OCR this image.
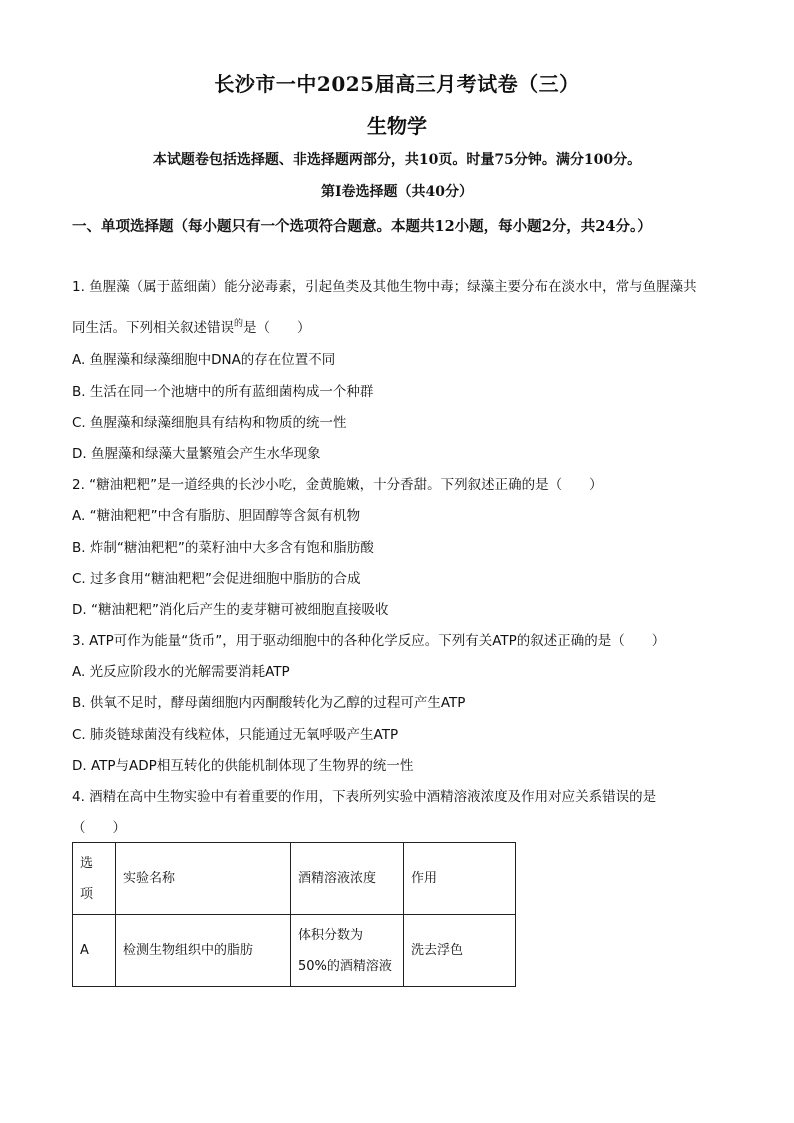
长沙市一中2025届高三月考试卷（三）
生物学
本试题卷包括选择题、非选择题两部分，共10页。时量75分钟。满分100分。
第I卷选择题（共40分）
一、单项选择题（每小题只有一个选项符合题意。本题共12小题，每小题2分，共24分。）
1. 鱼腥藻（属于蓝细菌）能分泌毒素，引起鱼类及其他生物中毒；绿藻主要分布在淡水中，常与鱼腥藻共
同生活。下列相关叙述错误$^的$是（　　）
A. 鱼腥藻和绿藻细胞中DNA的存在位置不同
B. 生活在同一个池塘中的所有蓝细菌构成一个种群
C. 鱼腥藻和绿藻细胞具有结构和物质的统一性
D. 鱼腥藻和绿藻大量繁殖会产生水华现象
2. “糖油粑粑”是一道经典的长沙小吃，金黄脆嫩，十分香甜。下列叙述正确的是（　　）
A. “糖油粑粑”中含有脂肪、胆固醇等含氮有机物
B. 炸制“糖油粑粑”的菜籽油中大多含有饱和脂肪酸
C. 过多食用“糖油粑粑”会促进细胞中脂肪的合成
D. “糖油粑粑”消化后产生的麦芽糖可被细胞直接吸收
3. ATP可作为能量“货币”，用于驱动细胞中的各种化学反应。下列有关ATP的叙述正确的是（　　）
A. 光反应阶段水的光解需要消耗ATP
B. 供氧不足时，酵母菌细胞内丙酮酸转化为乙醇的过程可产生ATP
C. 肺炎链球菌没有线粒体，只能通过无氧呼吸产生ATP
D. ATP与ADP相互转化的供能机制体现了生物界的统一性
4. 酒精在高中生物实验中有着重要的作用，下表所列实验中酒精溶液浓度及作用对应关系错误的是
（　　）
选
项	实验名称	酒精溶液浓度	作用
A	检测生物组织中的脂肪	体积分数为
50%的酒精溶液	洗去浮色
